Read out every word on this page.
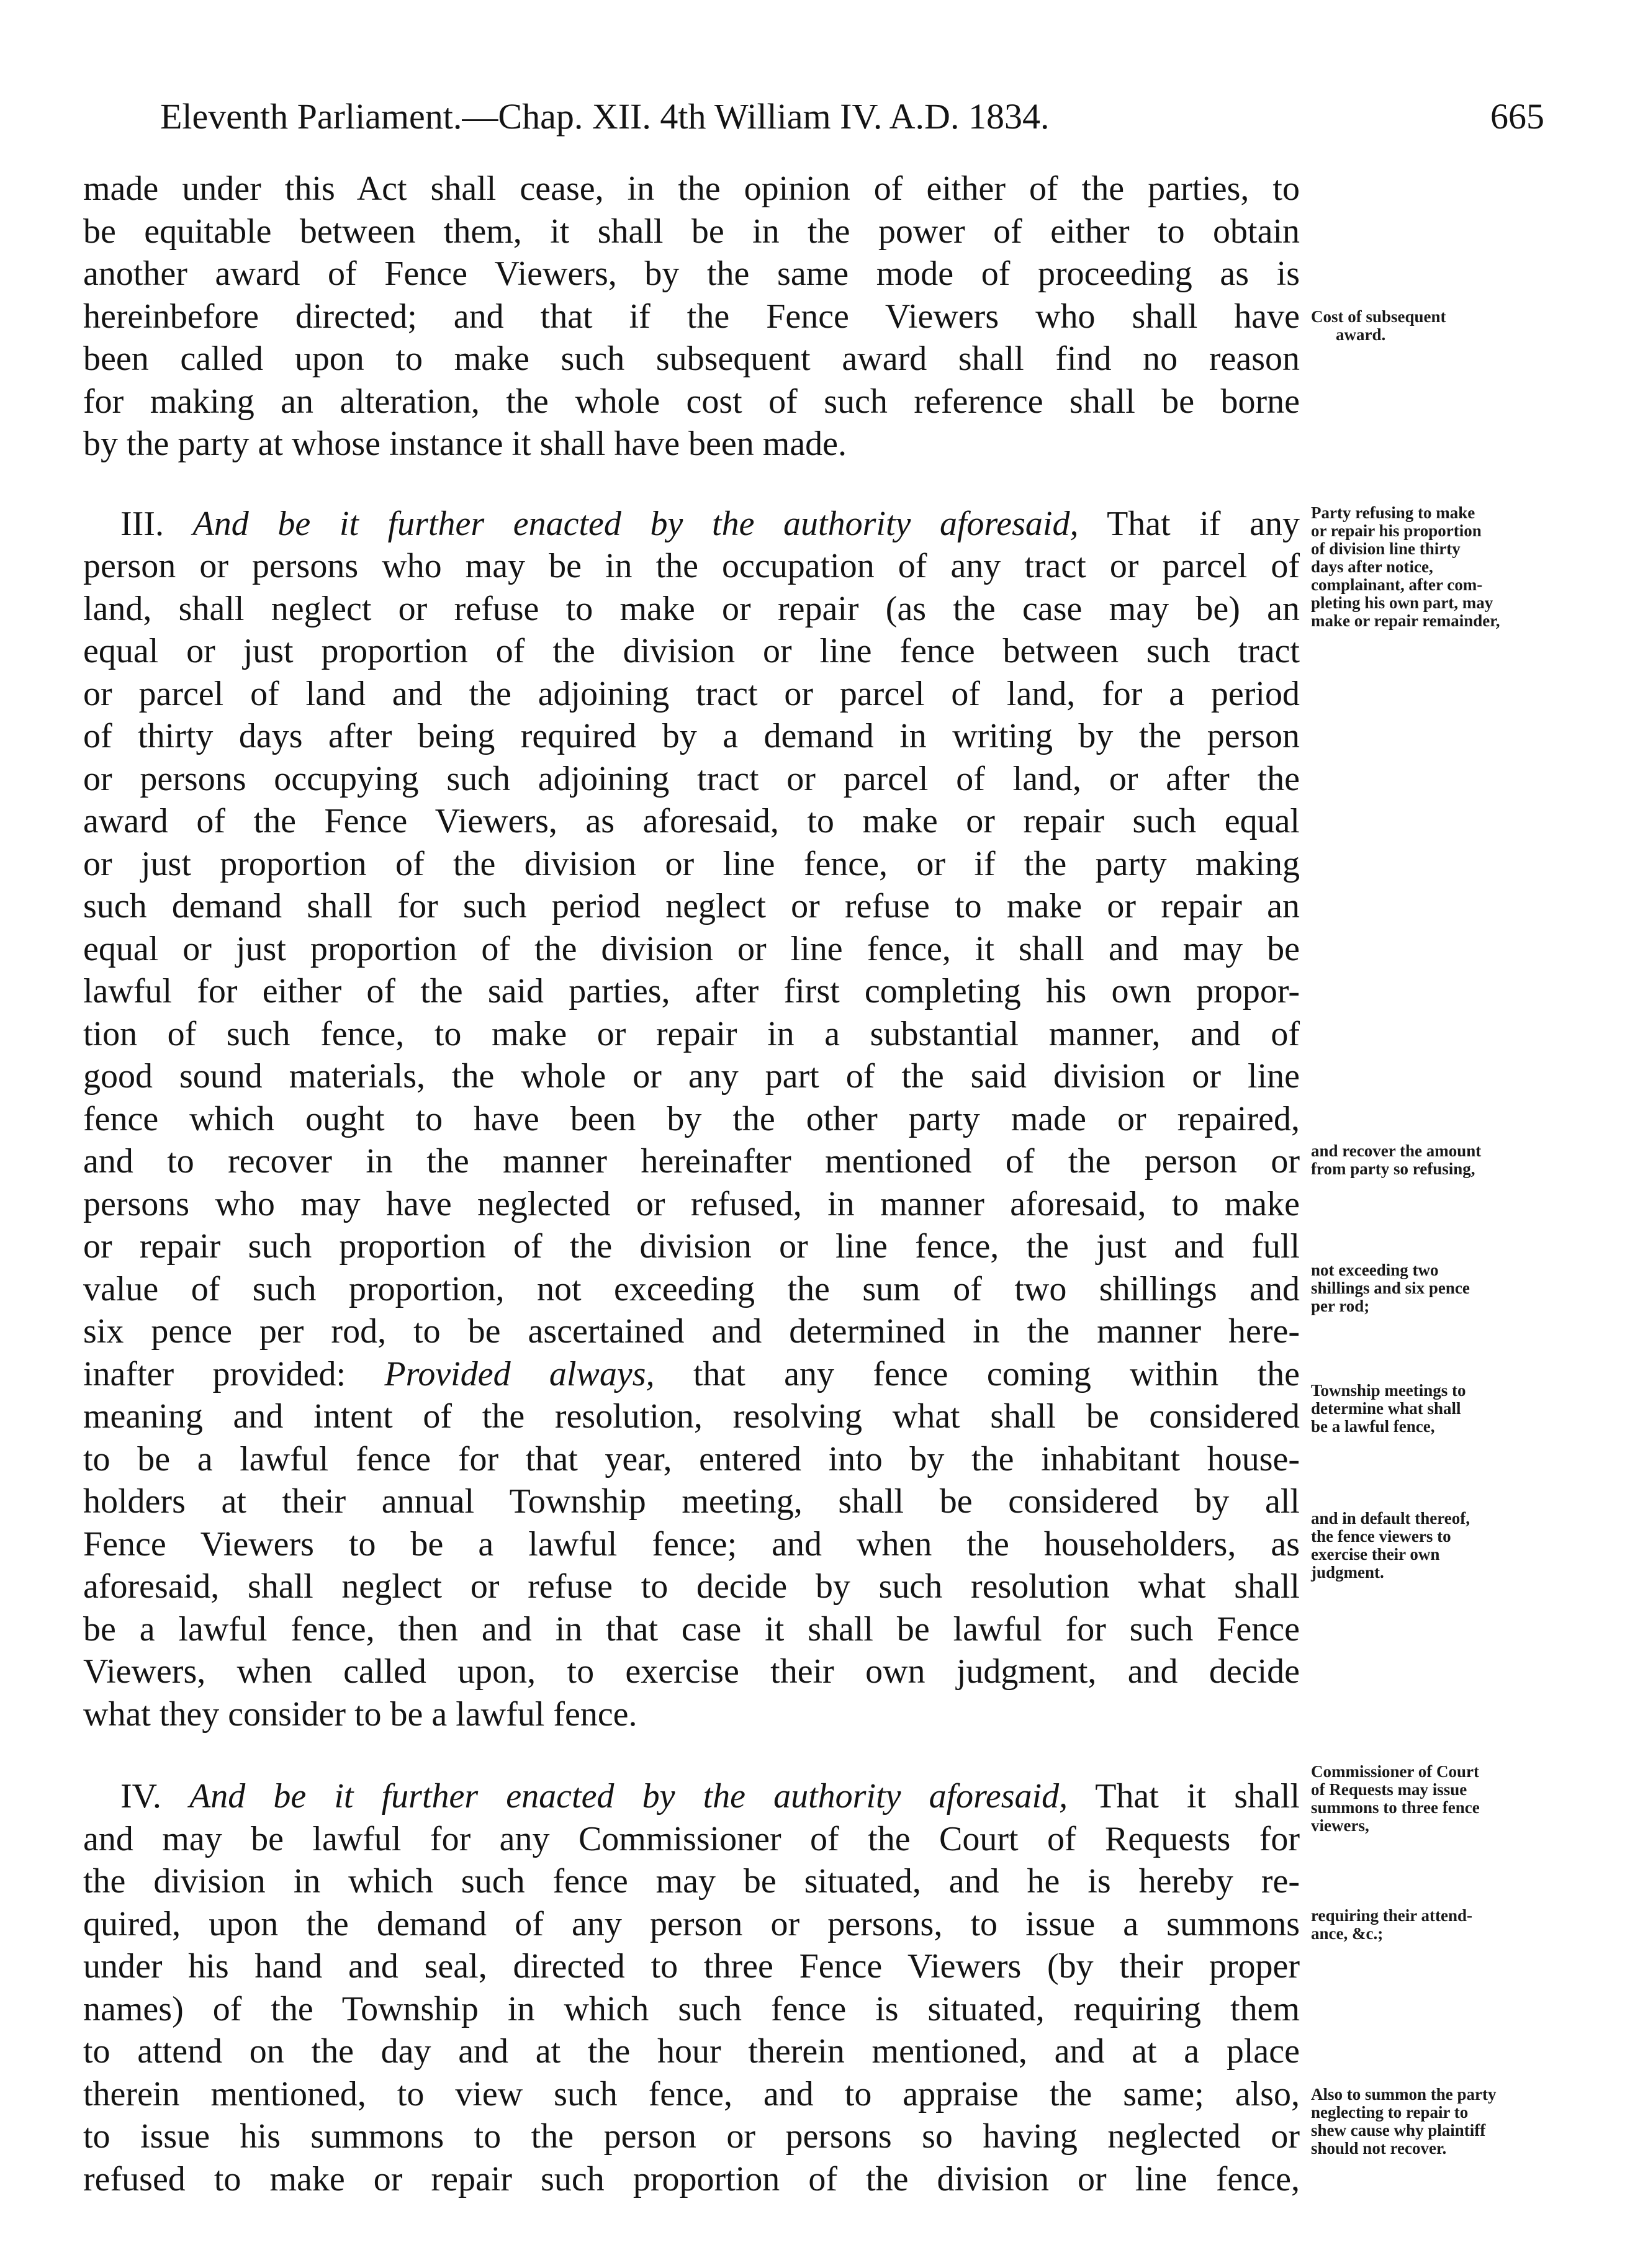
Eleventh Parliament.—Chap. XII. 4th William IV. A.D. 1834.	665
made under this Act shall cease, in the opinion of either of the parties, to
be equitable between them, it shall be in the power of either to obtain
another award of Fence Viewers, by the same mode of proceeding as is
hereinbefore directed; and that if the Fence Viewers who shall have
been called upon to make such subsequent award shall find no reason
for making an alteration, the whole cost of such reference shall be borne
by the party at whose instance it shall have been made.
III. And be it further enacted by the authority aforesaid, That if any
person or persons who may be in the occupation of any tract or parcel of
land, shall neglect or refuse to make or repair (as the case may be) an
equal or just proportion of the division or line fence between such tract
or parcel of land and the adjoining tract or parcel of land, for a period
of thirty days after being required by a demand in writing by the person
or persons occupying such adjoining tract or parcel of land, or after the
award of the Fence Viewers, as aforesaid, to make or repair such equal
or just proportion of the division or line fence, or if the party making
such demand shall for such period neglect or refuse to make or repair an
equal or just proportion of the division or line fence, it shall and may be
lawful for either of the said parties, after first completing his own propor-
tion of such fence, to make or repair in a substantial manner, and of
good sound materials, the whole or any part of the said division or line
fence which ought to have been by the other party made or repaired,
and to recover in the manner hereinafter mentioned of the person or
persons who may have neglected or refused, in manner aforesaid, to make
or repair such proportion of the division or line fence, the just and full
value of such proportion, not exceeding the sum of two shillings and
six pence per rod, to be ascertained and determined in the manner here-
inafter provided: Provided always, that any fence coming within the
meaning and intent of the resolution, resolving what shall be considered
to be a lawful fence for that year, entered into by the inhabitant house-
holders at their annual Township meeting, shall be considered by all
Fence Viewers to be a lawful fence; and when the householders, as
aforesaid, shall neglect or refuse to decide by such resolution what shall
be a lawful fence, then and in that case it shall be lawful for such Fence
Viewers, when called upon, to exercise their own judgment, and decide
what they consider to be a lawful fence.
IV. And be it further enacted by the authority aforesaid, That it shall
and may be lawful for any Commissioner of the Court of Requests for
the division in which such fence may be situated, and he is hereby re-
quired, upon the demand of any person or persons, to issue a summons
under his hand and seal, directed to three Fence Viewers (by their proper
names) of the Township in which such fence is situated, requiring them
to attend on the day and at the hour therein mentioned, and at a place
therein mentioned, to view such fence, and to appraise the same; also,
to issue his summons to the person or persons so having neglected or
refused to make or repair such proportion of the division or line fence,
Cost of subsequent
award.
Party refusing to make
or repair his proportion
of division line thirty
days after notice,
complainant, after com-
pleting his own part, may
make or repair remainder,
and recover the amount
from party so refusing,
not exceeding two
shillings and six pence
per rod;
Township meetings to
determine what shall
be a lawful fence,
and in default thereof,
the fence viewers to
exercise their own
judgment.
Commissioner of Court
of Requests may issue
summons to three fence
viewers,
requiring their attend-
ance, &c.;
Also to summon the party
neglecting to repair to
shew cause why plaintiff
should not recover.
